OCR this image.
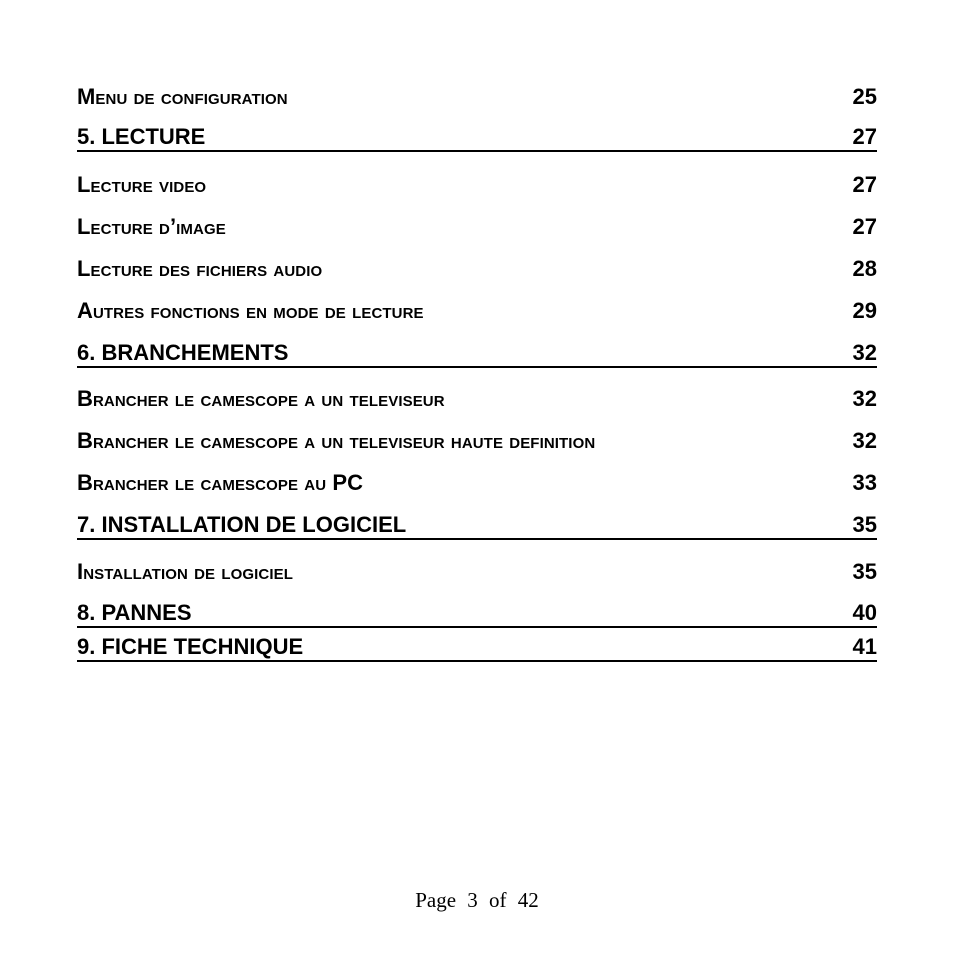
Menu de configuration	25
5. LECTURE	27
Lecture video	27
Lecture d’image	27
Lecture des fichiers audio	28
Autres fonctions en mode de lecture	29
6. BRANCHEMENTS	32
Brancher le camescope a un televiseur	32
Brancher le camescope a un televiseur haute definition	32
Brancher le camescope au PC	33
7. INSTALLATION DE LOGICIEL	35
Installation de logiciel	35
8. PANNES	40
9. FICHE TECHNIQUE	41
Page 3 of 42
